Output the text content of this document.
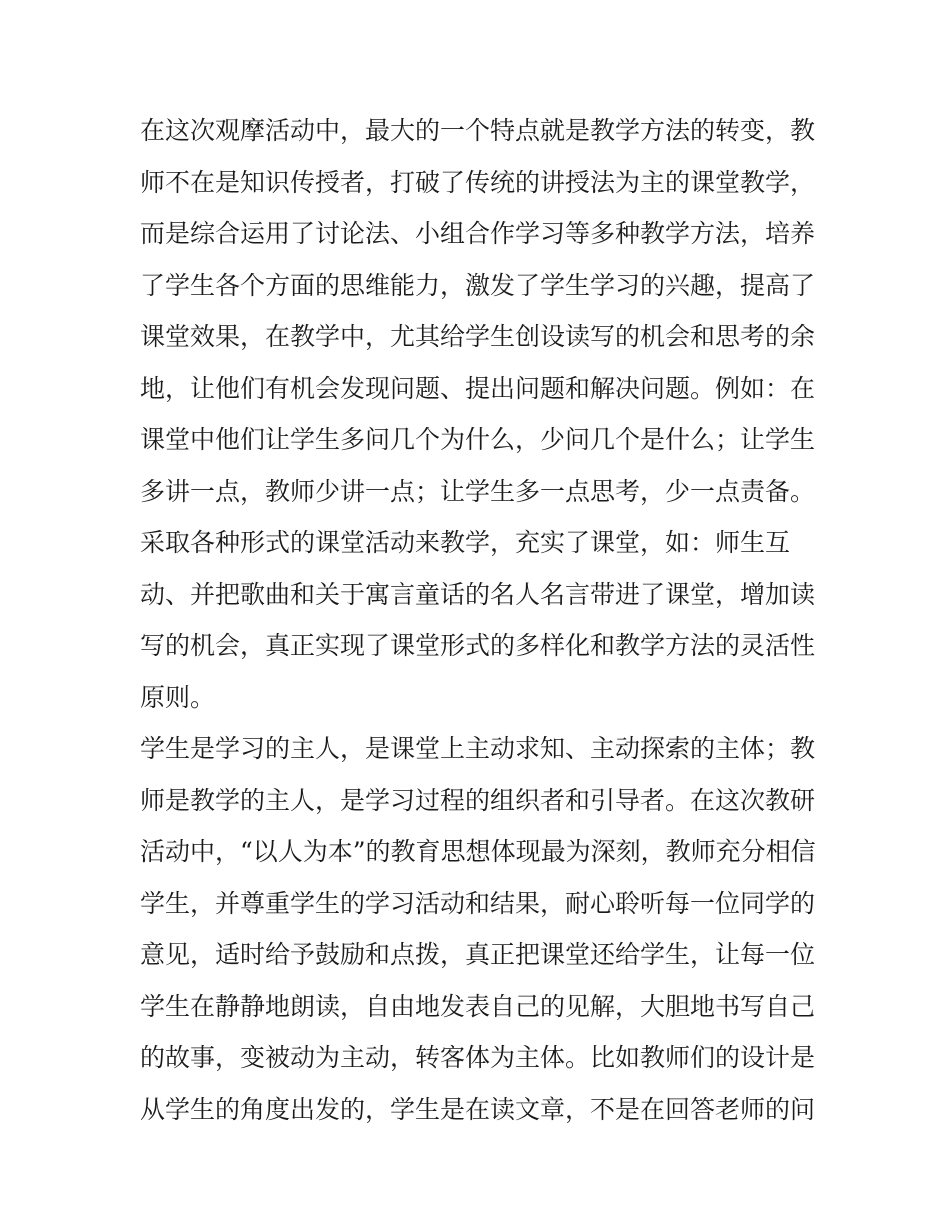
在这次观摩活动中，最大的一个特点就是教学方法的转变，教
师不在是知识传授者，打破了传统的讲授法为主的课堂教学，
而是综合运用了讨论法、小组合作学习等多种教学方法，培养
了学生各个方面的思维能力，激发了学生学习的兴趣，提高了
课堂效果，在教学中，尤其给学生创设读写的机会和思考的余
地，让他们有机会发现问题、提出问题和解决问题。例如：在
课堂中他们让学生多问几个为什么，少问几个是什么；让学生
多讲一点，教师少讲一点；让学生多一点思考，少一点责备。
采取各种形式的课堂活动来教学，充实了课堂，如：师生互
动、并把歌曲和关于寓言童话的名人名言带进了课堂，增加读
写的机会，真正实现了课堂形式的多样化和教学方法的灵活性
原则。
学生是学习的主人，是课堂上主动求知、主动探索的主体；教
师是教学的主人，是学习过程的组织者和引导者。在这次教研
活动中，“以人为本”的教育思想体现最为深刻，教师充分相信
学生，并尊重学生的学习活动和结果，耐心聆听每一位同学的
意见，适时给予鼓励和点拨，真正把课堂还给学生，让每一位
学生在静静地朗读，自由地发表自己的见解，大胆地书写自己
的故事，变被动为主动，转客体为主体。比如教师们的设计是
从学生的角度出发的，学生是在读文章，不是在回答老师的问
